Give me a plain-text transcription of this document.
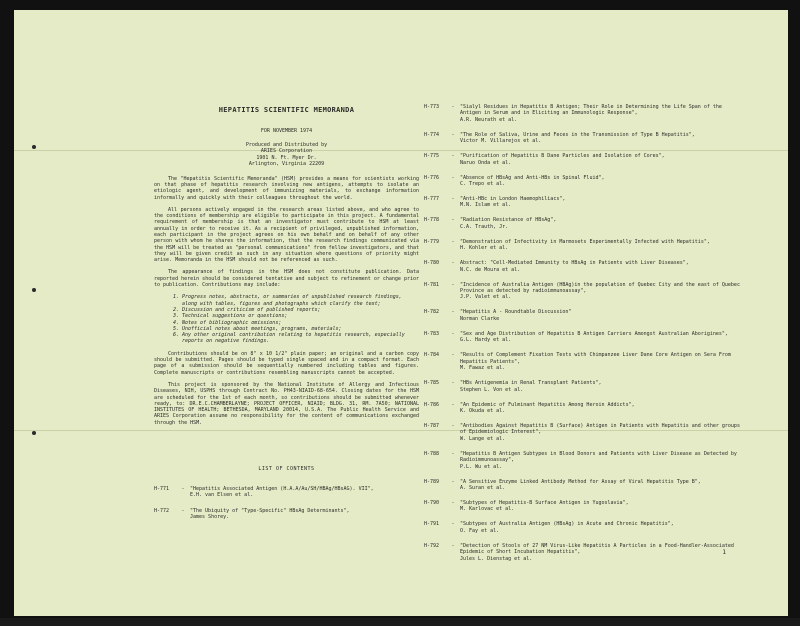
HEPATITIS SCIENTIFIC MEMORANDA
FOR NOVEMBER 1974
Produced and Distributed by
ARIES Corporation
1901 N. Ft. Myer Dr.
Arlington, Virginia 22209

The "Hepatitis Scientific Memoranda" (HSM) provides a means for scientists working on that phase of hepatitis research involving new antigens, attempts to isolate an etiologic agent, and development of immunizing materials, to exchange information informally and quickly with their colleagues throughout the world.

All persons actively engaged in the research areas listed above, and who agree to the conditions of membership are eligible to participate in this project. A fundamental requirement of membership is that an investigator must contribute to HSM at least annually in order to receive it. As a recipient of privileged, unpublished information, each participant in the project agrees on his own behalf and on behalf of any other person with whom he shares the information, that the research findings communicated via the HSM will be treated as "personal communications" from fellow investigators, and that they will be given credit as such in any situation where questions of priority might arise. Memoranda in the HSM should not be referenced as such.

The appearance of findings in the HSM does not constitute publication. Data reported herein should be considered tentative and subject to refinement or change prior to publication. Contributions may include:

1. Progress notes, abstracts, or summaries of unpublished research findings, along with tables, figures and photographs which clarify the text;
2. Discussion and criticism of published reports;
3. Technical suggestions or questions;
4. Notes of bibliographic omissions;
5. Unofficial notes about meetings, programs, materials;
6. Any other original contribution relating to hepatitis research, especially reports on negative findings.

Contributions should be on 8" x 10 1/2" plain paper; an original and a carbon copy should be submitted. Pages should be typed single spaced and in a compact format. Each page of a submission should be sequentially numbered including tables and figures. Complete manuscripts or contributions resembling manuscripts cannot be accepted.

This project is sponsored by the National Institute of Allergy and Infectious Diseases, NIH, USPHS through Contract No. PH43-NIAID-68-654. Closing dates for the HSM are scheduled for the 1st of each month, so contributions should be submitted whenever ready, to: DR.E.C.CHAMBERLAYNE; PROJECT OFFICER, NIAID; BLDG. 31, RM. 7A50; NATIONAL INSTITUTES OF HEALTH; BETHESDA, MARYLAND 20014, U.S.A. The Public Health Service and ARIES Corporation assume no responsibility for the content of communications exchanged through the HSM.

LIST OF CONTENTS
H-771	-	"Hepatitis Associated Antigen (H.A.A/Au/SH/HBAg/HBsAG). VII",
E.H. van Elsen et al.
H-772	-	"The Ubiquity of "Type-Specific" HBsAg Determinants",
James Shorey.
H-773	-	"Sialyl Residues in Hepatitis B Antigen; Their Role in Determining the Life Span of the Antigen in Serum and in Eliciting an Immunologic Response",
A.R. Neurath et al.
H-774	-	"The Role of Saliva, Urine and Feces in the Transmission of Type B Hepatitis",
Victor M. Villarejos et al.
H-775	-	"Purification of Hepatitis B Dane Particles and Isolation of Cores",
Naruo Onda et al.
H-776	-	"Absence of HBsAg and Anti-HBs in Spinal Fluid",
C. Trepo et al.
H-777	-	"Anti-HBc in London Haemophiliacs",
M.N. Islam et al.
H-778	-	"Radiation Resistance of HBsAg",
C.A. Trauth, Jr.
H-779	-	"Demonstration of Infectivity in Marmosets Experimentally Infected with Hepatitis",
H. Kohler et al.
H-780	-	Abstract: "Cell-Mediated Immunity to HBsAg in Patients with Liver Diseases",
N.C. de Moura et al.
H-781	-	"Incidence of Australia Antigen (HBAg)in the population of Quebec City and the east of Quebec Province as detected by radioimmunoassay",
J.P. Valet et al.
H-782	-	"Hepatitis A - Roundtable Discussion"
Norman Clarke
H-783	-	"Sex and Age Distribution of Hepatitis B Antigen Carriers Amongst Australian Aborigines",
G.L. Hardy et al.
H-784	-	"Results of Complement Fixation Tests with Chimpanzee Liver Dane Core Antigen on Sera From Hepatitis Patients",
M. Fawaz et al.
H-785	-	"HBs Antigenemia in Renal Transplant Patients",
Stephen L. Von et al.
H-786	-	"An Epidemic of Fulminant Hepatitis Among Heroin Addicts",
K. Okuda et al.
H-787	-	"Antibodies Against Hepatitis B (Surface) Antigen in Patients with Hepatitis and other groups of Epidemiologic Interest",
W. Lange et al.
H-788	-	"Hepatitis B Antigen Subtypes in Blood Donors and Patients with Liver Disease as Detected by Radioimmunoassay",
P.L. Wu et al.
H-789	-	"A Sensitive Enzyme Linked Antibody Method for Assay of Viral Hepatitis Type B",
A. Suran et al.
H-790	-	"Subtypes of Hepatitis-B Surface Antigen in Yugoslavia",
M. Karlovac et al.
H-791	-	"Subtypes of Australia Antigen (HBsAg) in Acute and Chronic Hepatitis",
O. Fay et al.
H-792	-	"Detection of Stools of 27 NM Virus-Like Hepatitis A Particles in a Food-Handler-Associated Epidemic of Short Incubation Hepatitis",
Jules L. Dienstag et al.
1
